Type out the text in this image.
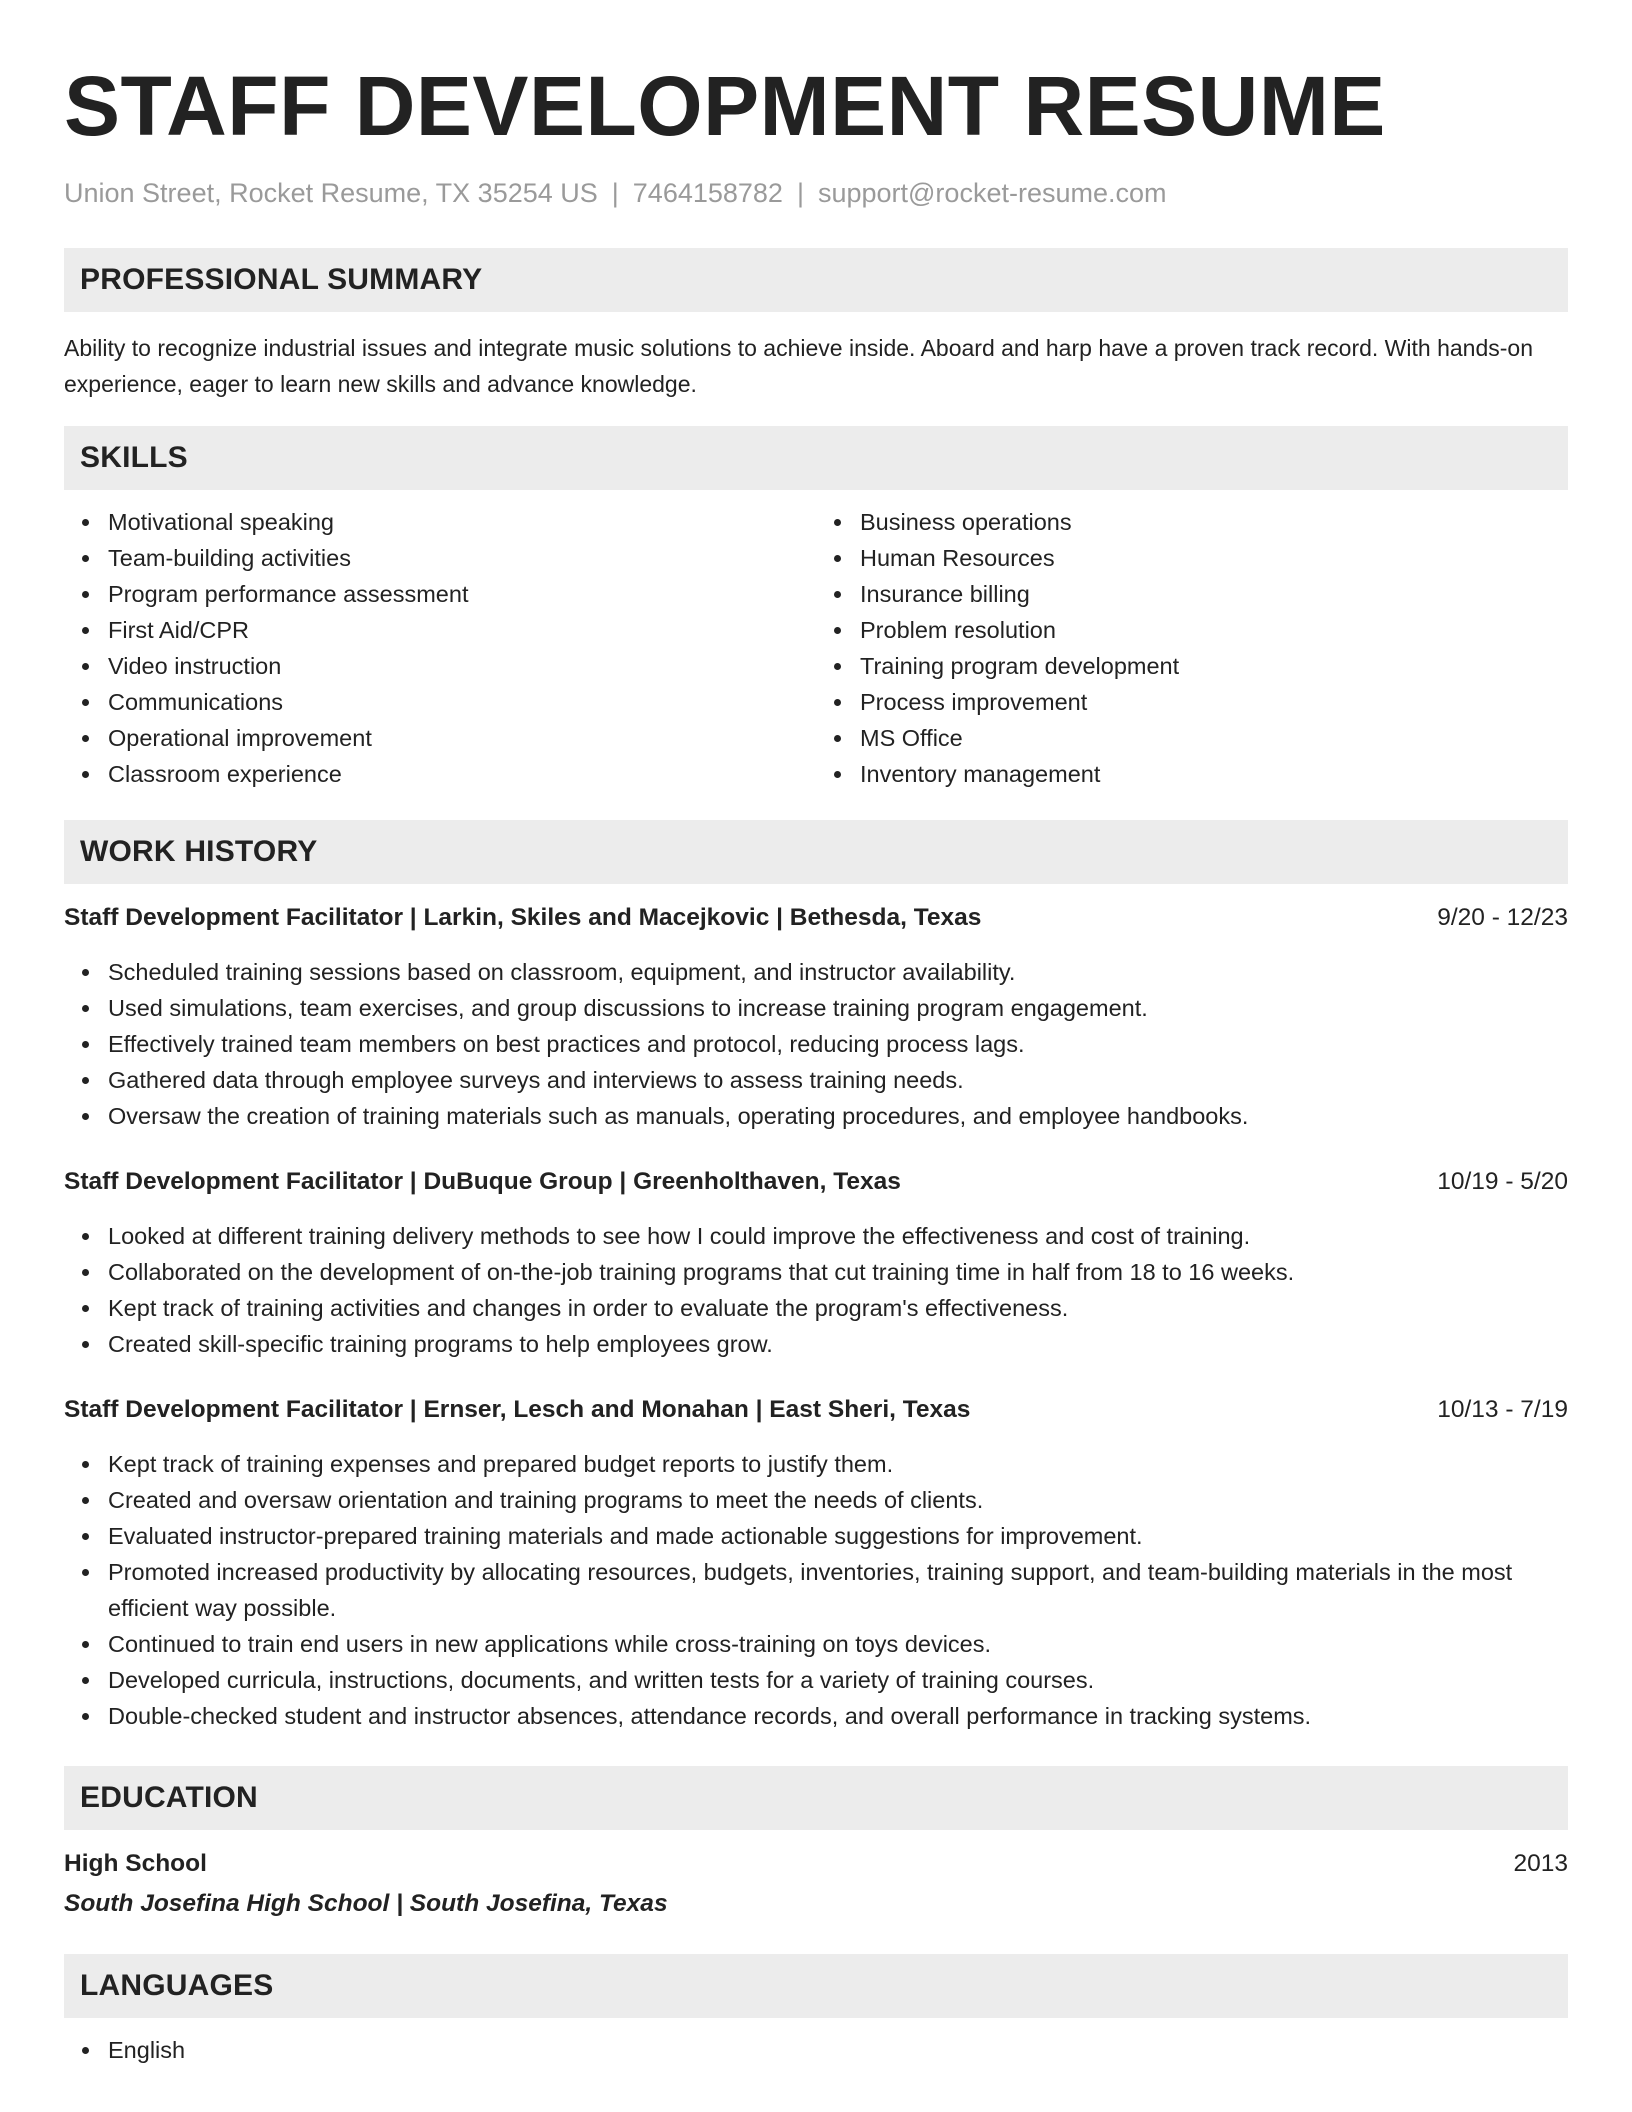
STAFF DEVELOPMENT RESUME
Union Street, Rocket Resume, TX 35254 US | 7464158782 | support@rocket-resume.com
PROFESSIONAL SUMMARY

Ability to recognize industrial issues and integrate music solutions to achieve inside. Aboard and harp have a proven track record. With hands-on experience, eager to learn new skills and advance knowledge.

SKILLS
Motivational speaking
Team-building activities
Program performance assessment
First Aid/CPR
Video instruction
Communications
Operational improvement
Classroom experience
Business operations
Human Resources
Insurance billing
Problem resolution
Training program development
Process improvement
MS Office
Inventory management
WORK HISTORY
Staff Development Facilitator | Larkin, Skiles and Macejkovic | Bethesda, Texas	9/20 - 12/23
Scheduled training sessions based on classroom, equipment, and instructor availability.
Used simulations, team exercises, and group discussions to increase training program engagement.
Effectively trained team members on best practices and protocol, reducing process lags.
Gathered data through employee surveys and interviews to assess training needs.
Oversaw the creation of training materials such as manuals, operating procedures, and employee handbooks.
Staff Development Facilitator | DuBuque Group | Greenholthaven, Texas	10/19 - 5/20
Looked at different training delivery methods to see how I could improve the effectiveness and cost of training.
Collaborated on the development of on-the-job training programs that cut training time in half from 18 to 16 weeks.
Kept track of training activities and changes in order to evaluate the program's effectiveness.
Created skill-specific training programs to help employees grow.
Staff Development Facilitator | Ernser, Lesch and Monahan | East Sheri, Texas	10/13 - 7/19
Kept track of training expenses and prepared budget reports to justify them.
Created and oversaw orientation and training programs to meet the needs of clients.
Evaluated instructor-prepared training materials and made actionable suggestions for improvement.
Promoted increased productivity by allocating resources, budgets, inventories, training support, and team-building materials in the most efficient way possible.
Continued to train end users in new applications while cross-training on toys devices.
Developed curricula, instructions, documents, and written tests for a variety of training courses.
Double-checked student and instructor absences, attendance records, and overall performance in tracking systems.
EDUCATION
High School	2013
South Josefina High School | South Josefina, Texas
LANGUAGES
English
